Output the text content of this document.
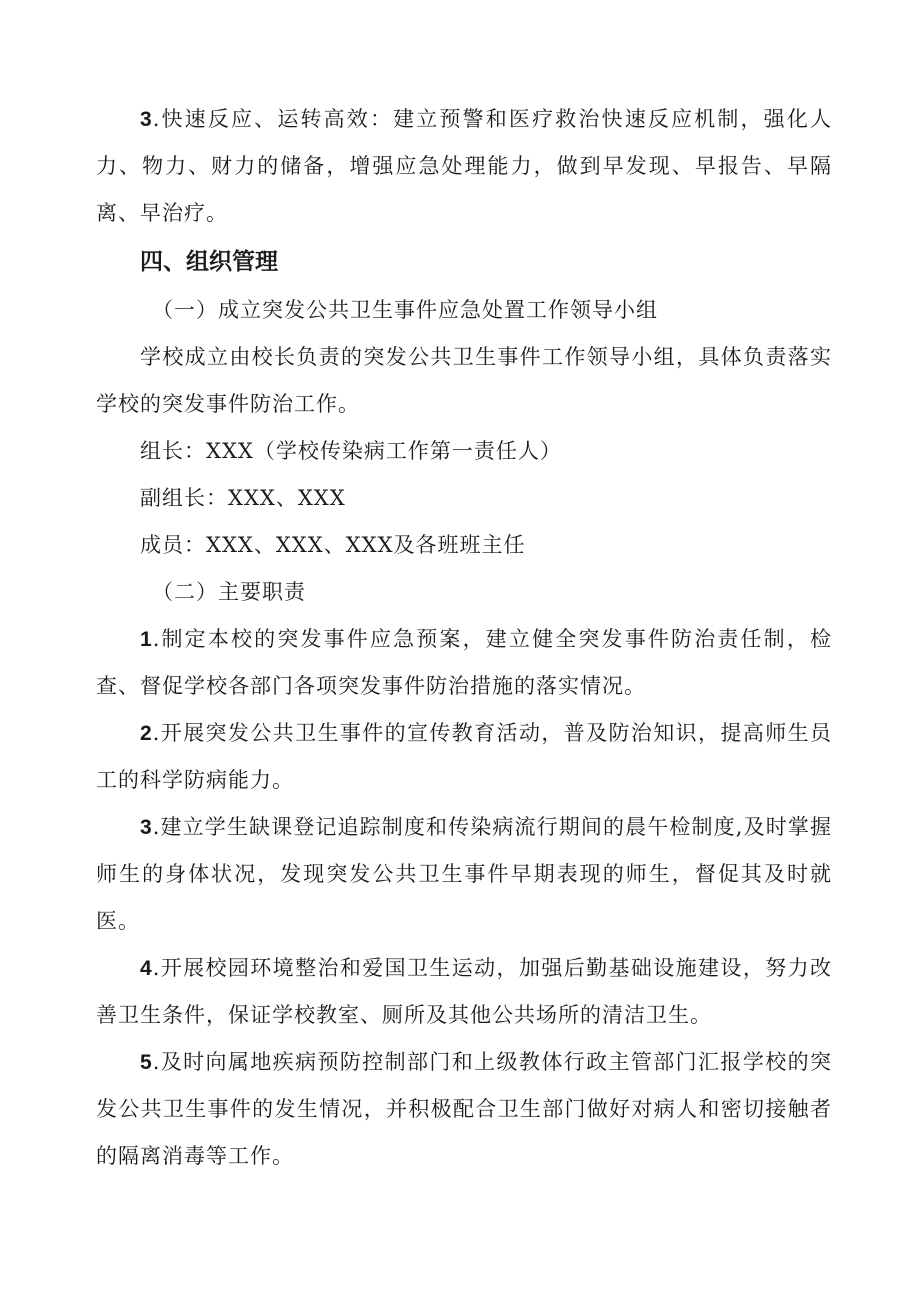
3.快速反应、运转高效：建立预警和医疗救治快速反应机制，强化人力、物力、财力的储备，增强应急处理能力，做到早发现、早报告、早隔离、早治疗。

四、组织管理

（一）成立突发公共卫生事件应急处置工作领导小组

学校成立由校长负责的突发公共卫生事件工作领导小组，具体负责落实学校的突发事件防治工作。

组长：XXX（学校传染病工作第一责任人）

副组长：XXX、XXX

成员：XXX、XXX、XXX及各班班主任

（二）主要职责

1.制定本校的突发事件应急预案，建立健全突发事件防治责任制，检查、督促学校各部门各项突发事件防治措施的落实情况。

2.开展突发公共卫生事件的宣传教育活动，普及防治知识，提高师生员工的科学防病能力。

3.建立学生缺课登记追踪制度和传染病流行期间的晨午检制度,及时掌握师生的身体状况，发现突发公共卫生事件早期表现的师生，督促其及时就医。

4.开展校园环境整治和爱国卫生运动，加强后勤基础设施建设，努力改善卫生条件，保证学校教室、厕所及其他公共场所的清洁卫生。

5.及时向属地疾病预防控制部门和上级教体行政主管部门汇报学校的突发公共卫生事件的发生情况，并积极配合卫生部门做好对病人和密切接触者的隔离消毒等工作。
